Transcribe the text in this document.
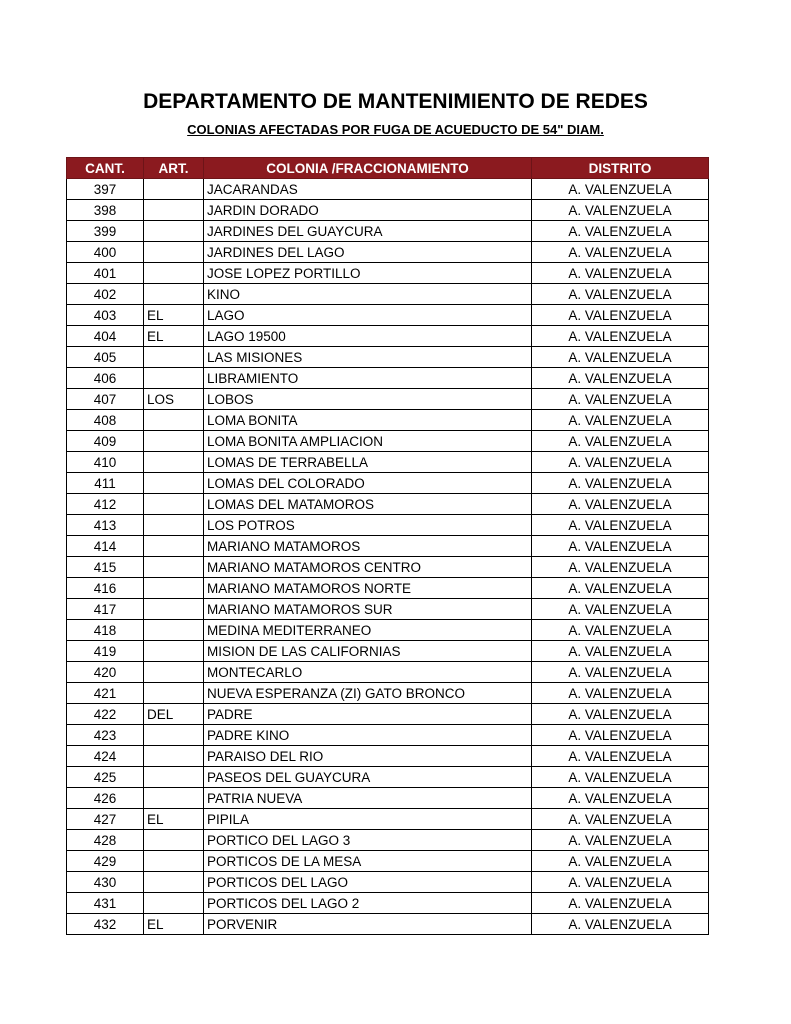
DEPARTAMENTO DE MANTENIMIENTO DE REDES
COLONIAS AFECTADAS POR FUGA DE ACUEDUCTO DE 54" DIAM.
CANT.	ART.	COLONIA /FRACCIONAMIENTO	DISTRITO
397		JACARANDAS	A. VALENZUELA
398		JARDIN DORADO	A. VALENZUELA
399		JARDINES DEL GUAYCURA	A. VALENZUELA
400		JARDINES DEL LAGO	A. VALENZUELA
401		JOSE LOPEZ PORTILLO	A. VALENZUELA
402		KINO	A. VALENZUELA
403	EL	LAGO	A. VALENZUELA
404	EL	LAGO 19500	A. VALENZUELA
405		LAS MISIONES	A. VALENZUELA
406		LIBRAMIENTO	A. VALENZUELA
407	LOS	LOBOS	A. VALENZUELA
408		LOMA BONITA	A. VALENZUELA
409		LOMA BONITA AMPLIACION	A. VALENZUELA
410		LOMAS DE TERRABELLA	A. VALENZUELA
411		LOMAS DEL COLORADO	A. VALENZUELA
412		LOMAS DEL MATAMOROS	A. VALENZUELA
413		LOS POTROS	A. VALENZUELA
414		MARIANO MATAMOROS	A. VALENZUELA
415		MARIANO MATAMOROS CENTRO	A. VALENZUELA
416		MARIANO MATAMOROS NORTE	A. VALENZUELA
417		MARIANO MATAMOROS SUR	A. VALENZUELA
418		MEDINA MEDITERRANEO	A. VALENZUELA
419		MISION DE LAS CALIFORNIAS	A. VALENZUELA
420		MONTECARLO	A. VALENZUELA
421		NUEVA ESPERANZA (ZI) GATO BRONCO	A. VALENZUELA
422	DEL	PADRE	A. VALENZUELA
423		PADRE KINO	A. VALENZUELA
424		PARAISO DEL RIO	A. VALENZUELA
425		PASEOS DEL GUAYCURA	A. VALENZUELA
426		PATRIA NUEVA	A. VALENZUELA
427	EL	PIPILA	A. VALENZUELA
428		PORTICO DEL LAGO 3	A. VALENZUELA
429		PORTICOS DE LA MESA	A. VALENZUELA
430		PORTICOS DEL LAGO	A. VALENZUELA
431		PORTICOS DEL LAGO 2	A. VALENZUELA
432	EL	PORVENIR	A. VALENZUELA
